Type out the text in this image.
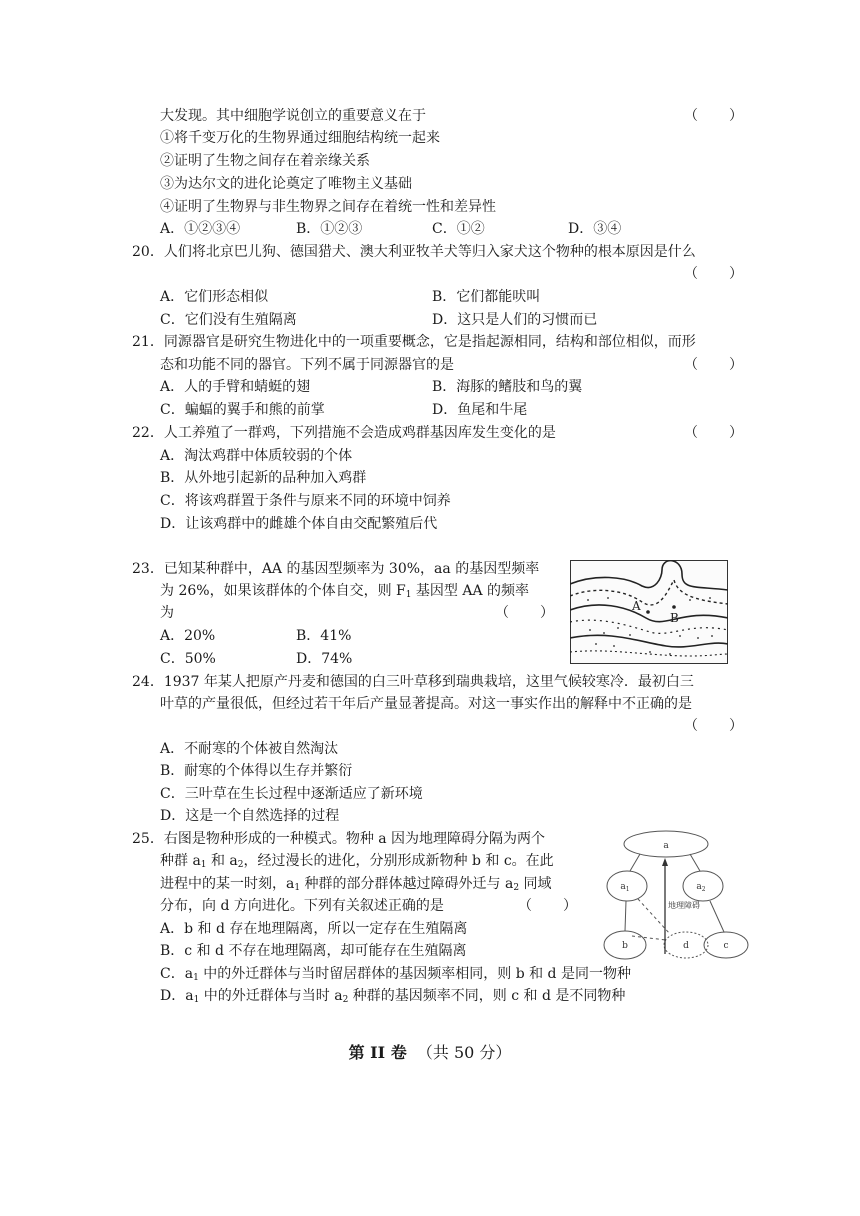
大发现。其中细胞学说创立的重要意义在于	（　　）
①将千变万化的生物界通过细胞结构统一起来
②证明了生物之间存在着亲缘关系
③为达尔文的进化论奠定了唯物主义基础
④证明了生物界与非生物界之间存在着统一性和差异性
A．①②③④	B．①②③	C．①②	D．③④
20．人们将北京巴儿狗、德国猎犬、澳大利亚牧羊犬等归入家犬这个物种的根本原因是什么
（　　）
A．它们形态相似	B．它们都能吠叫
C．它们没有生殖隔离	D．这只是人们的习惯而已
21．同源器官是研究生物进化中的一项重要概念，它是指起源相同，结构和部位相似，而形
态和功能不同的器官。下列不属于同源器官的是	（　　）
A．人的手臂和蜻蜓的翅	B．海豚的鳍肢和鸟的翼
C．蝙蝠的翼手和熊的前掌	D．鱼尾和牛尾
22．人工养殖了一群鸡，下列措施不会造成鸡群基因库发生变化的是	（　　）
A．淘汰鸡群中体质较弱的个体
B．从外地引起新的品种加入鸡群
C．将该鸡群置于条件与原来不同的环境中饲养
D．让该鸡群中的雌雄个体自由交配繁殖后代
23．已知某种群中，AA 的基因型频率为 30%，aa 的基因型频率
为 26%，如果该群体的个体自交，则 $F_1$ 基因型 AA 的频率
为	（　　）
A．20%	B．41%
C．50%	D．74%
A
B
24．1937 年某人把原产丹麦和德国的白三叶草移到瑞典栽培，这里气候较寒冷．最初白三
叶草的产量很低，但经过若干年后产量显著提高。对这一事实作出的解释中不正确的是
（　　）
A．不耐寒的个体被自然淘汰
B．耐寒的个体得以生存并繁衍
C．三叶草在生长过程中逐渐适应了新环境
D．这是一个自然选择的过程
25．右图是物种形成的一种模式。物种 a 因为地理障碍分隔为两个
种群 $a_1$ 和 $a_2$，经过漫长的进化，分别形成新物种 b 和 c。在此
进程中的某一时刻，$a_1$ 种群的部分群体越过障碍外迁与 $a_2$ 同域
分布，向 d 方向进化。下列有关叙述正确的是	（　　）
A．b 和 d 存在地理隔离，所以一定存在生殖隔离
B．c 和 d 不存在地理隔离，却可能存在生殖隔离
C．$a_1$ 中的外迁群体与当时留居群体的基因频率相同，则 b 和 d 是同一物种
D．$a_1$ 中的外迁群体与当时 $a_2$ 种群的基因频率不同，则 c 和 d 是不同物种
a
$a_1$	$a_2$
b	d	c
地理障碍
第 II 卷 （共 50 分）
